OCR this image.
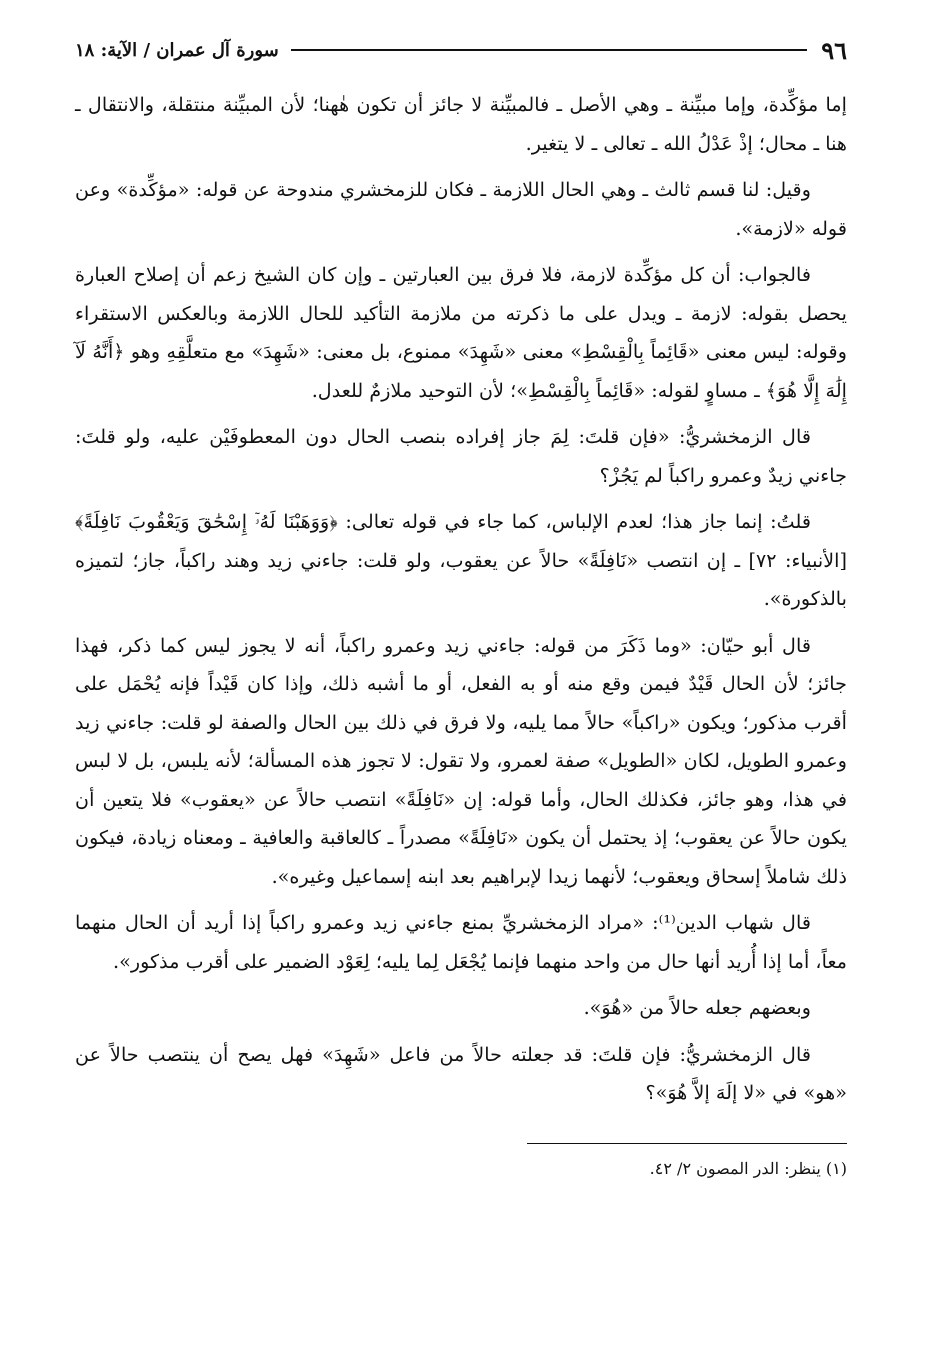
٩٦
سورة آل عمران / الآية: ١٨

إما مؤكِّدة، وإما مبيِّنة ـ وهي الأصل ـ فالمبيِّنة لا جائز أن تكون هٰهنا؛ لأن المبيِّنة منتقلة، والانتقال ـ هنا ـ محال؛ إذْ عَدْلُ الله ـ تعالى ـ لا يتغير.

وقيل: لنا قسم ثالث ـ وهي الحال اللازمة ـ فكان للزمخشري مندوحة عن قوله: «مؤكِّدة» وعن قوله «لازمة».

فالجواب: أن كل مؤكِّدة لازمة، فلا فرق بين العبارتين ـ وإن كان الشيخ زعم أن إصلاح العبارة يحصل بقوله: لازمة ـ ويدل على ما ذكرته من ملازمة التأكيد للحال اللازمة وبالعكس الاستقراء وقوله: ليس معنى «قَائِماً بِالْقِسْطِ» معنى «شَهِدَ» ممنوع، بل معنى: «شَهِدَ» مع متعلَّقِهِ وهو ﴿أَنَّهُ لَآ إِلَٰهَ إِلَّا هُوَ﴾ ـ مساوٍ لقوله: «قَائِماً بِالْقِسْطِ»؛ لأن التوحيد ملازمٌ للعدل.

قال الزمخشريُّ: «فإن قلتَ: لِمَ جاز إفراده بنصب الحال دون المعطوفَيْن عليه، ولو قلتَ: جاءني زيدٌ وعمرو راكباً لم يَجُزْ؟

قلتُ: إنما جاز هذا؛ لعدم الإلباس، كما جاء في قوله تعالى: ﴿وَوَهَبْنَا لَهُۥٓ إِسْحَٰقَ وَيَعْقُوبَ نَافِلَةً﴾ [الأنبياء: ٧٢] ـ إن انتصب «نَافِلَةً» حالاً عن يعقوب، ولو قلت: جاءني زيد وهند راكباً، جاز؛ لتميزه بالذكورة».

قال أبو حيّان: «وما ذَكَرَ من قوله: جاءني زيد وعمرو راكباً، أنه لا يجوز ليس كما ذكر، فهذا جائز؛ لأن الحال قَيْدٌ فيمن وقع منه أو به الفعل، أو ما أشبه ذلك، وإذا كان قَيْداً فإنه يُحْمَل على أقرب مذكور؛ ويكون «راكباً» حالاً مما يليه، ولا فرق في ذلك بين الحال والصفة لو قلت: جاءني زيد وعمرو الطويل، لكان «الطويل» صفة لعمرو، ولا تقول: لا تجوز هذه المسألة؛ لأنه يلبس، بل لا لبس في هذا، وهو جائز، فكذلك الحال، وأما قوله: إن «نَافِلَةً» انتصب حالاً عن «يعقوب» فلا يتعين أن يكون حالاً عن يعقوب؛ إذ يحتمل أن يكون «نَافِلَةً» مصدراً ـ كالعاقبة والعافية ـ ومعناه زيادة، فيكون ذلك شاملاً إسحاق ويعقوب؛ لأنهما زيدا لإبراهيم بعد ابنه إسماعيل وغيره».

قال شهاب الدين⁽¹⁾: «مراد الزمخشريِّ بمنع جاءني زيد وعمرو راكباً إذا أريد أن الحال منهما معاً، أما إذا أُريد أنها حال من واحد منهما فإنما يُجْعَل لِما يليه؛ لِعَوْد الضمير على أقرب مذكور».

وبعضهم جعله حالاً من «هُوَ».

قال الزمخشريُّ: فإن قلتَ: قد جعلته حالاً من فاعل «شَهِدَ» فهل يصح أن ينتصب حالاً عن «هو» في «لا إلَهَ إلاَّ هُوَ»؟

(١) ينظر: الدر المصون ٢/ ٤٢.
